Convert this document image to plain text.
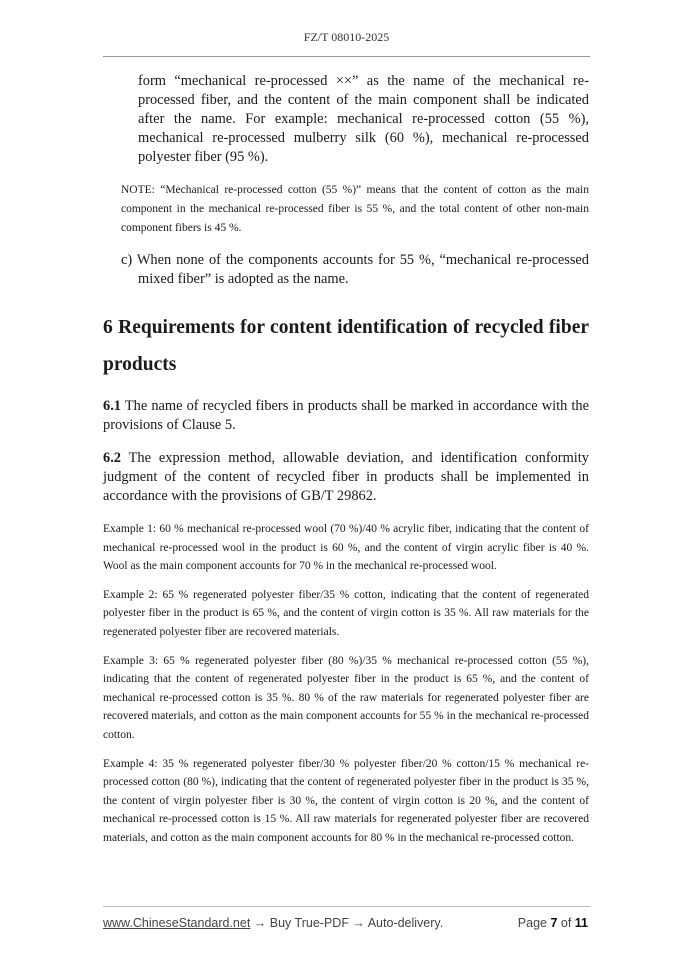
FZ/T 08010-2025

form “mechanical re-processed ××” as the name of the mechanical re-processed fiber, and the content of the main component shall be indicated after the name. For example: mechanical re-processed cotton (55 %), mechanical re-processed mulberry silk (60 %), mechanical re-processed polyester fiber (95 %).

NOTE: “Mechanical re-processed cotton (55 %)” means that the content of cotton as the main component in the mechanical re-processed fiber is 55 %, and the total content of other non-main component fibers is 45 %.

c) When none of the components accounts for 55 %, “mechanical re-processed mixed fiber” is adopted as the name.

6 Requirements for content identification of recycled fiber products

6.1 The name of recycled fibers in products shall be marked in accordance with the provisions of Clause 5.

6.2 The expression method, allowable deviation, and identification conformity judgment of the content of recycled fiber in products shall be implemented in accordance with the provisions of GB/T 29862.

Example 1: 60 % mechanical re-processed wool (70 %)/40 % acrylic fiber, indicating that the content of mechanical re-processed wool in the product is 60 %, and the content of virgin acrylic fiber is 40 %. Wool as the main component accounts for 70 % in the mechanical re-processed wool.

Example 2: 65 % regenerated polyester fiber/35 % cotton, indicating that the content of regenerated polyester fiber in the product is 65 %, and the content of virgin cotton is 35 %. All raw materials for the regenerated polyester fiber are recovered materials.

Example 3: 65 % regenerated polyester fiber (80 %)/35 % mechanical re-processed cotton (55 %), indicating that the content of regenerated polyester fiber in the product is 65 %, and the content of mechanical re-processed cotton is 35 %. 80 % of the raw materials for regenerated polyester fiber are recovered materials, and cotton as the main component accounts for 55 % in the mechanical re-processed cotton.

Example 4: 35 % regenerated polyester fiber/30 % polyester fiber/20 % cotton/15 % mechanical re-processed cotton (80 %), indicating that the content of regenerated polyester fiber in the product is 35 %, the content of virgin polyester fiber is 30 %, the content of virgin cotton is 20 %, and the content of mechanical re-processed cotton is 15 %. All raw materials for regenerated polyester fiber are recovered materials, and cotton as the main component accounts for 80 % in the mechanical re-processed cotton.

www.ChineseStandard.net → Buy True-PDF → Auto-delivery.	Page 7 of 11
